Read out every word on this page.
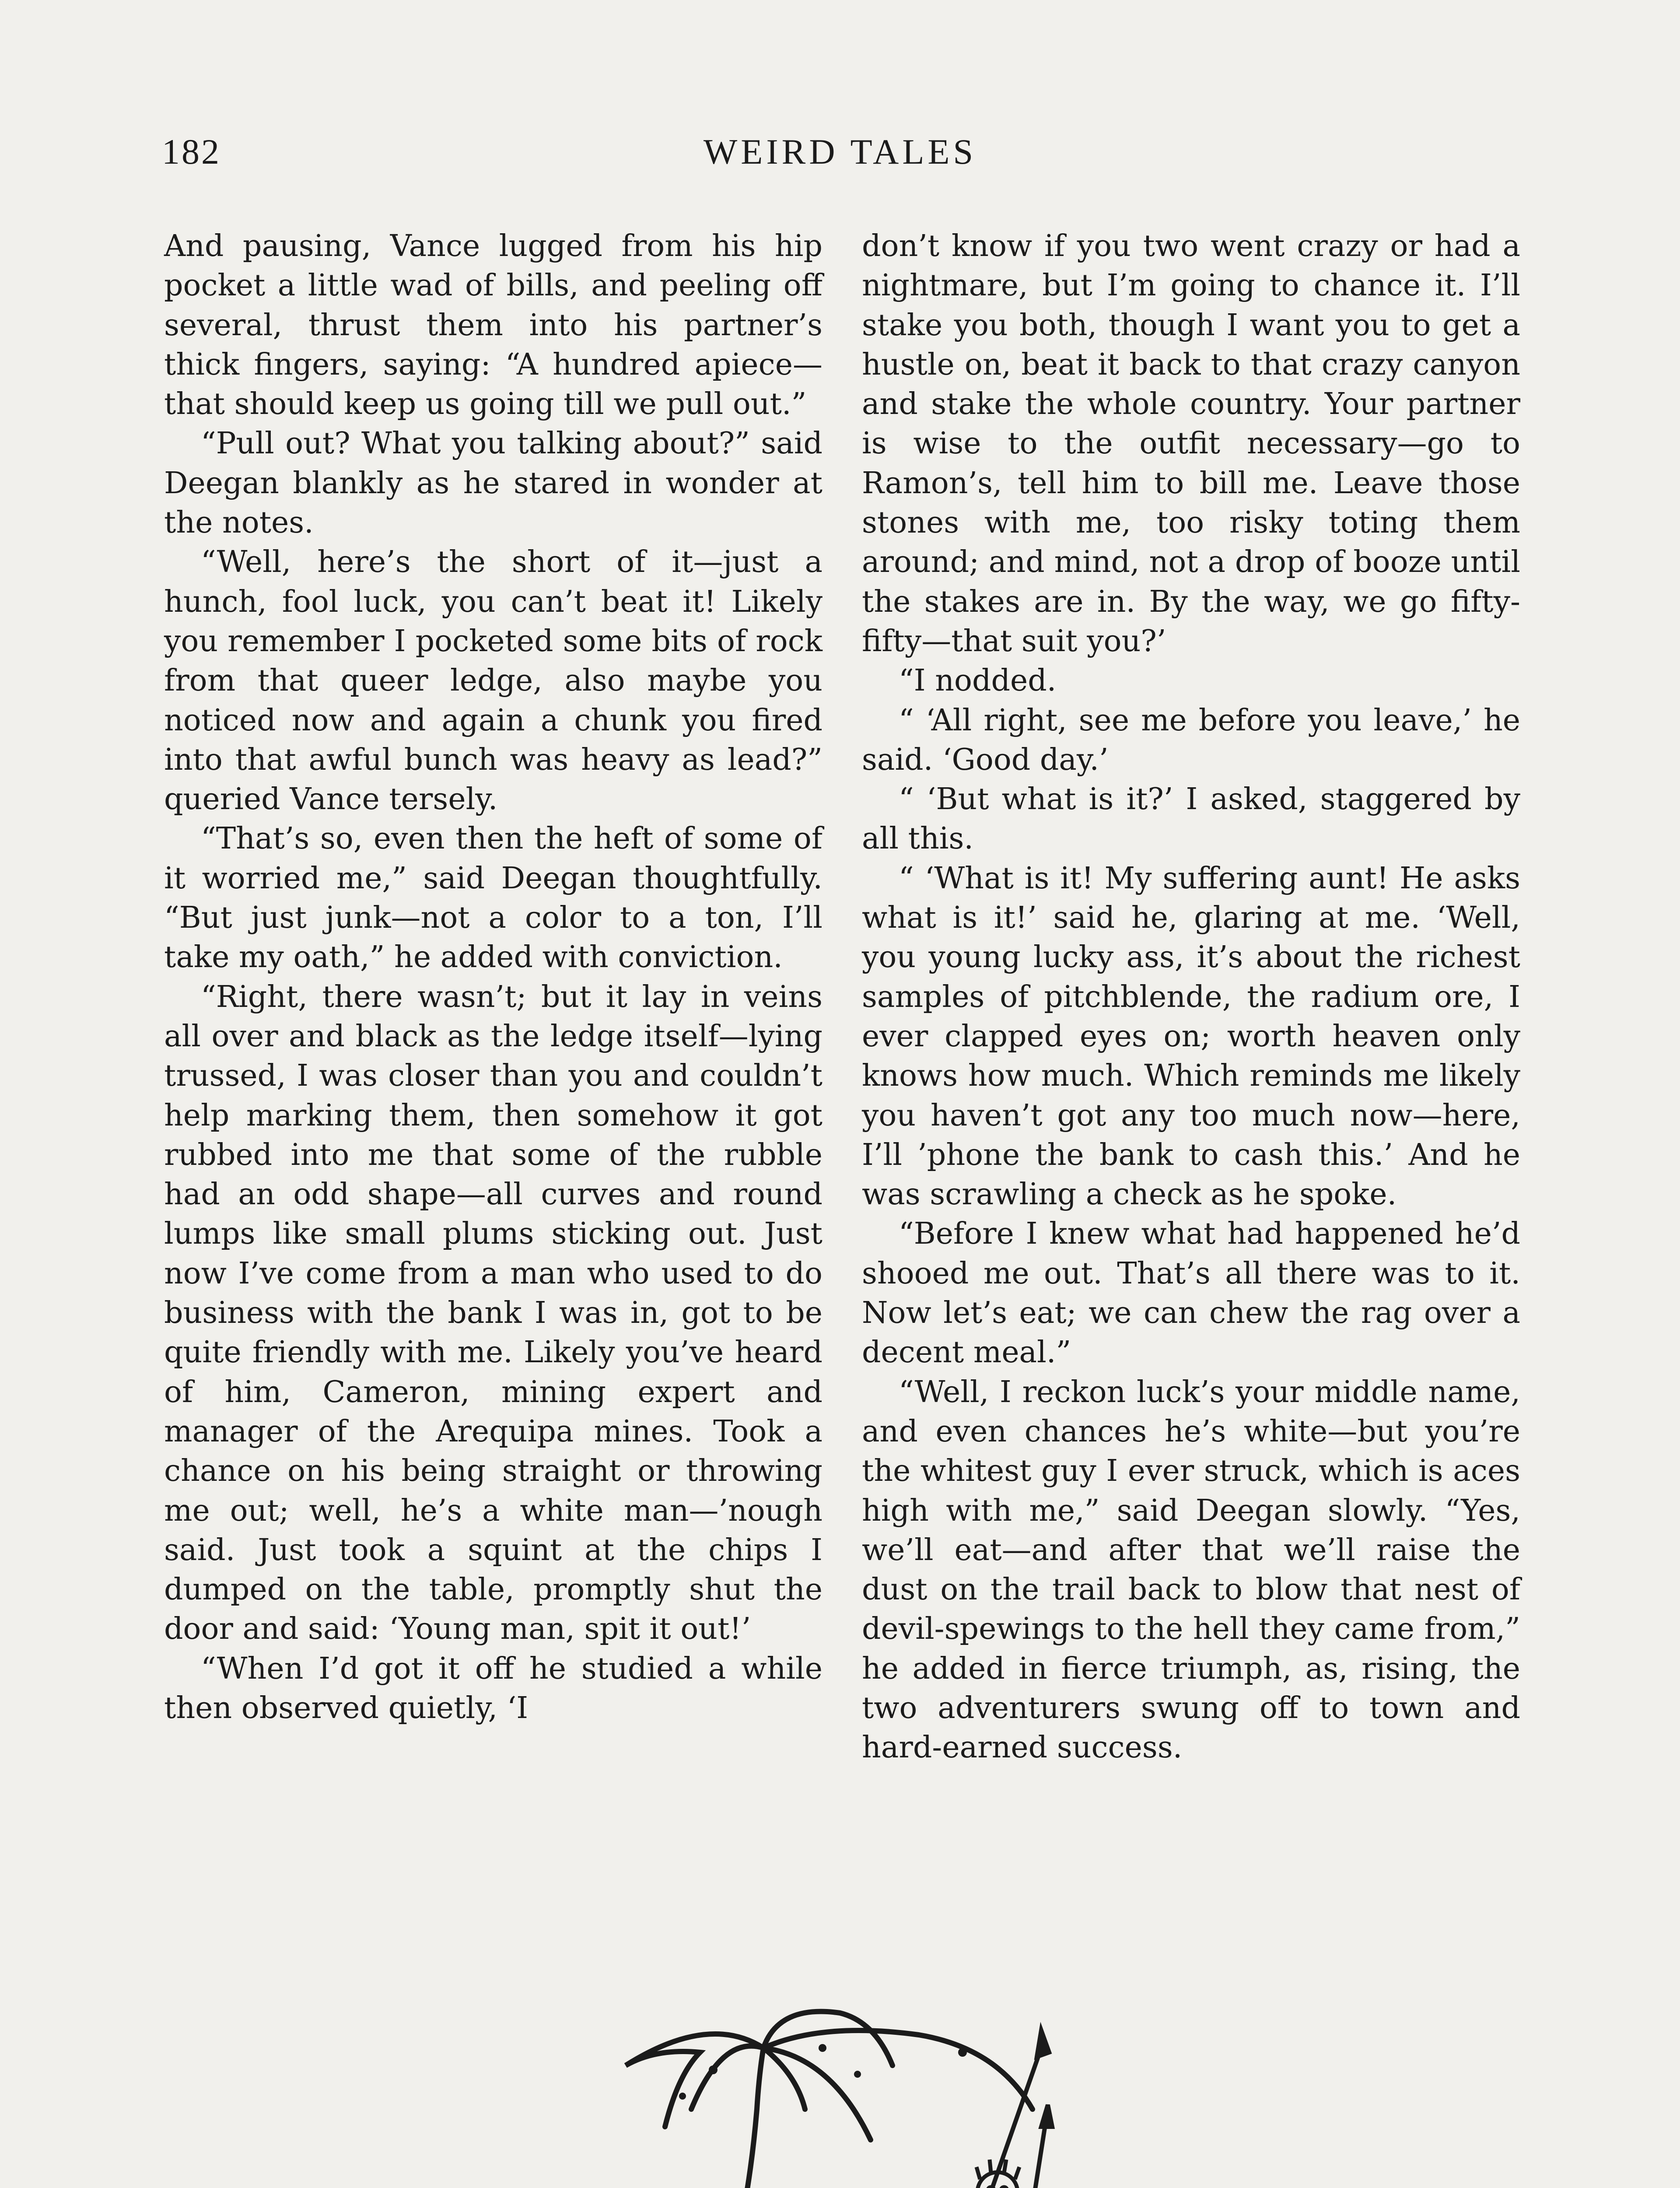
182	WEIRD TALES

And pausing, Vance lugged from his hip pocket a little wad of bills, and peeling off several, thrust them into his partner’s thick fingers, saying: “A hundred apiece—that should keep us going till we pull out.”

“Pull out? What you talking about?” said Deegan blankly as he stared in wonder at the notes.

“Well, here’s the short of it—just a hunch, fool luck, you can’t beat it! Likely you remember I pocketed some bits of rock from that queer ledge, also maybe you noticed now and again a chunk you fired into that awful bunch was heavy as lead?” queried Vance tersely.

“That’s so, even then the heft of some of it worried me,” said Deegan thoughtfully. “But just junk—not a color to a ton, I’ll take my oath,” he added with conviction.

“Right, there wasn’t; but it lay in veins all over and black as the ledge itself—lying trussed, I was closer than you and couldn’t help marking them, then somehow it got rubbed into me that some of the rubble had an odd shape—all curves and round lumps like small plums sticking out. Just now I’ve come from a man who used to do business with the bank I was in, got to be quite friendly with me. Likely you’ve heard of him, Cameron, mining expert and manager of the Arequipa mines. Took a chance on his being straight or throwing me out; well, he’s a white man—’nough said. Just took a squint at the chips I dumped on the table, promptly shut the door and said: ‘Young man, spit it out!’

“When I’d got it off he studied a while then observed quietly, ‘I

don’t know if you two went crazy or had a nightmare, but I’m going to chance it. I’ll stake you both, though I want you to get a hustle on, beat it back to that crazy canyon and stake the whole country. Your partner is wise to the outfit necessary—go to Ramon’s, tell him to bill me. Leave those stones with me, too risky toting them around; and mind, not a drop of booze until the stakes are in. By the way, we go fifty-fifty—that suit you?’

“I nodded.

“ ‘All right, see me before you leave,’ he said. ‘Good day.’

“ ‘But what is it?’ I asked, staggered by all this.

“ ‘What is it! My suffering aunt! He asks what is it!’ said he, glaring at me. ‘Well, you young lucky ass, it’s about the richest samples of pitchblende, the radium ore, I ever clapped eyes on; worth heaven only knows how much. Which reminds me likely you haven’t got any too much now—here, I’ll ’phone the bank to cash this.’ And he was scrawling a check as he spoke.

“Before I knew what had happened he’d shooed me out. That’s all there was to it. Now let’s eat; we can chew the rag over a decent meal.”

“Well, I reckon luck’s your middle name, and even chances he’s white—but you’re the whitest guy I ever struck, which is aces high with me,” said Deegan slowly. “Yes, we’ll eat—and after that we’ll raise the dust on the trail back to blow that nest of devil-spewings to the hell they came from,” he added in fierce triumph, as, rising, the two adventurers swung off to town and hard-earned success.
